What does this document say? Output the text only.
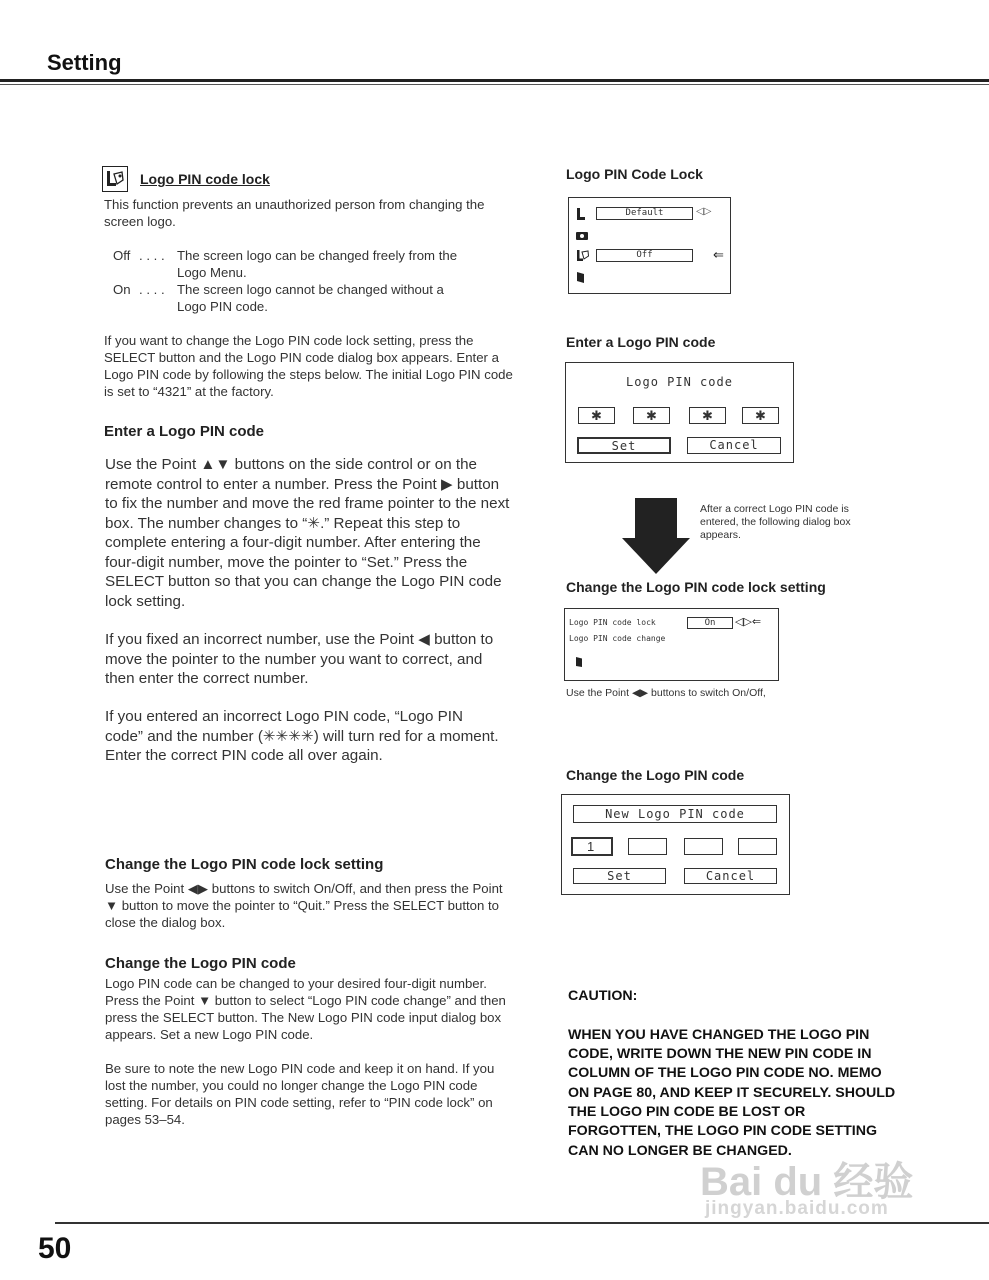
Setting
Logo PIN code lock
This function prevents an unauthorized person from changing the screen logo.
Off . . . . The screen logo can be changed freely from the
Logo Menu.
On . . . . The screen logo cannot be changed without a
Logo PIN code.
If you want to change the Logo PIN code lock setting, press the SELECT button and the Logo PIN code dialog box appears. Enter a Logo PIN code by following the steps below. The initial Logo PIN code is set to “4321” at the factory.
Enter a Logo PIN code
Use the Point ▲▼ buttons on the side control or on the remote control to enter a number. Press the Point ▶ button to fix the number and move the red frame pointer to the next box. The number changes to “✳.” Repeat this step to complete entering a four-digit number. After entering the four-digit number, move the pointer to “Set.” Press the SELECT button so that you can change the Logo PIN code lock setting.
If you fixed an incorrect number, use the Point ◀ button to move the pointer to the number you want to correct, and then enter the correct number.
If you entered an incorrect Logo PIN code, “Logo PIN code” and the number (✳✳✳✳) will turn red for a moment. Enter the correct PIN code all over again.
Change the Logo PIN code lock setting
Use the Point ◀▶ buttons to switch On/Off, and then press the Point ▼ button to move the pointer to “Quit.” Press the SELECT button to close the dialog box.
Change the Logo PIN code
Logo PIN code can be changed to your desired four-digit number. Press the Point ▼ button to select “Logo PIN code change” and then press the SELECT button. The New Logo PIN code input dialog box appears. Set a new Logo PIN code.
Be sure to note the new Logo PIN code and keep it on hand. If you lost the number, you could no longer change the Logo PIN code setting. For details on PIN code setting, refer to “PIN code lock” on pages 53–54.
Logo PIN Code Lock
Default	◁▷
Off	⇐
Enter a Logo PIN code
Logo PIN code
✱	✱	✱	✱
Set	Cancel
After a correct Logo PIN code is entered, the following dialog box appears.
Change the Logo PIN code lock setting
Logo PIN code lock	On	◁▷⇐
Logo PIN code change
Use the Point ◀▶ buttons to switch On/Off,
Change the Logo PIN code
New Logo PIN code
1
Set	Cancel

CAUTION:

WHEN YOU HAVE CHANGED THE LOGO PIN CODE, WRITE DOWN THE NEW PIN CODE IN COLUMN OF THE LOGO PIN CODE NO. MEMO ON PAGE 80, AND KEEP IT SECURELY. SHOULD THE LOGO PIN CODE BE LOST OR FORGOTTEN, THE LOGO PIN CODE SETTING CAN NO LONGER BE CHANGED.

Bai du 经验
jingyan.baidu.com
50
